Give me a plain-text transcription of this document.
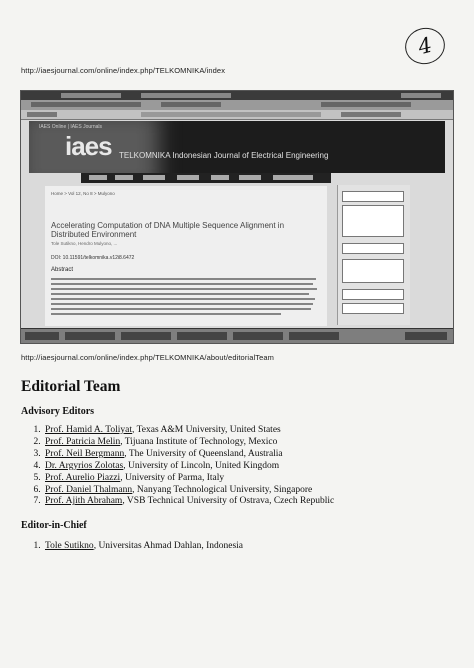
4
http://iaesjournal.com/online/index.php/TELKOMNIKA/index
IAES Online | IAES Journals
iaes TELKOMNIKA Indonesian Journal of Electrical Engineering
Home > Vol 12, No 8 > Mulyono
Accelerating Computation of DNA Multiple Sequence Alignment in Distributed Environment
Tole Sutikno, Hendro Mulyono, ...
DOI: 10.11591/telkomnika.v12i8.6472
Abstract
http://iaesjournal.com/online/index.php/TELKOMNIKA/about/editorialTeam
Editorial Team
Advisory Editors
1. Prof. Hamid A. Toliyat, Texas A&M University, United States
2. Prof. Patricia Melin, Tijuana Institute of Technology, Mexico
3. Prof. Neil Bergmann, The University of Queensland, Australia
4. Dr. Argyrios Zolotas, University of Lincoln, United Kingdom
5. Prof. Aurelio Piazzi, University of Parma, Italy
6. Prof. Daniel Thalmann, Nanyang Technological University, Singapore
7. Prof. Ajith Abraham, VSB Technical University of Ostrava, Czech Republic
Editor-in-Chief
1. Tole Sutikno, Universitas Ahmad Dahlan, Indonesia
